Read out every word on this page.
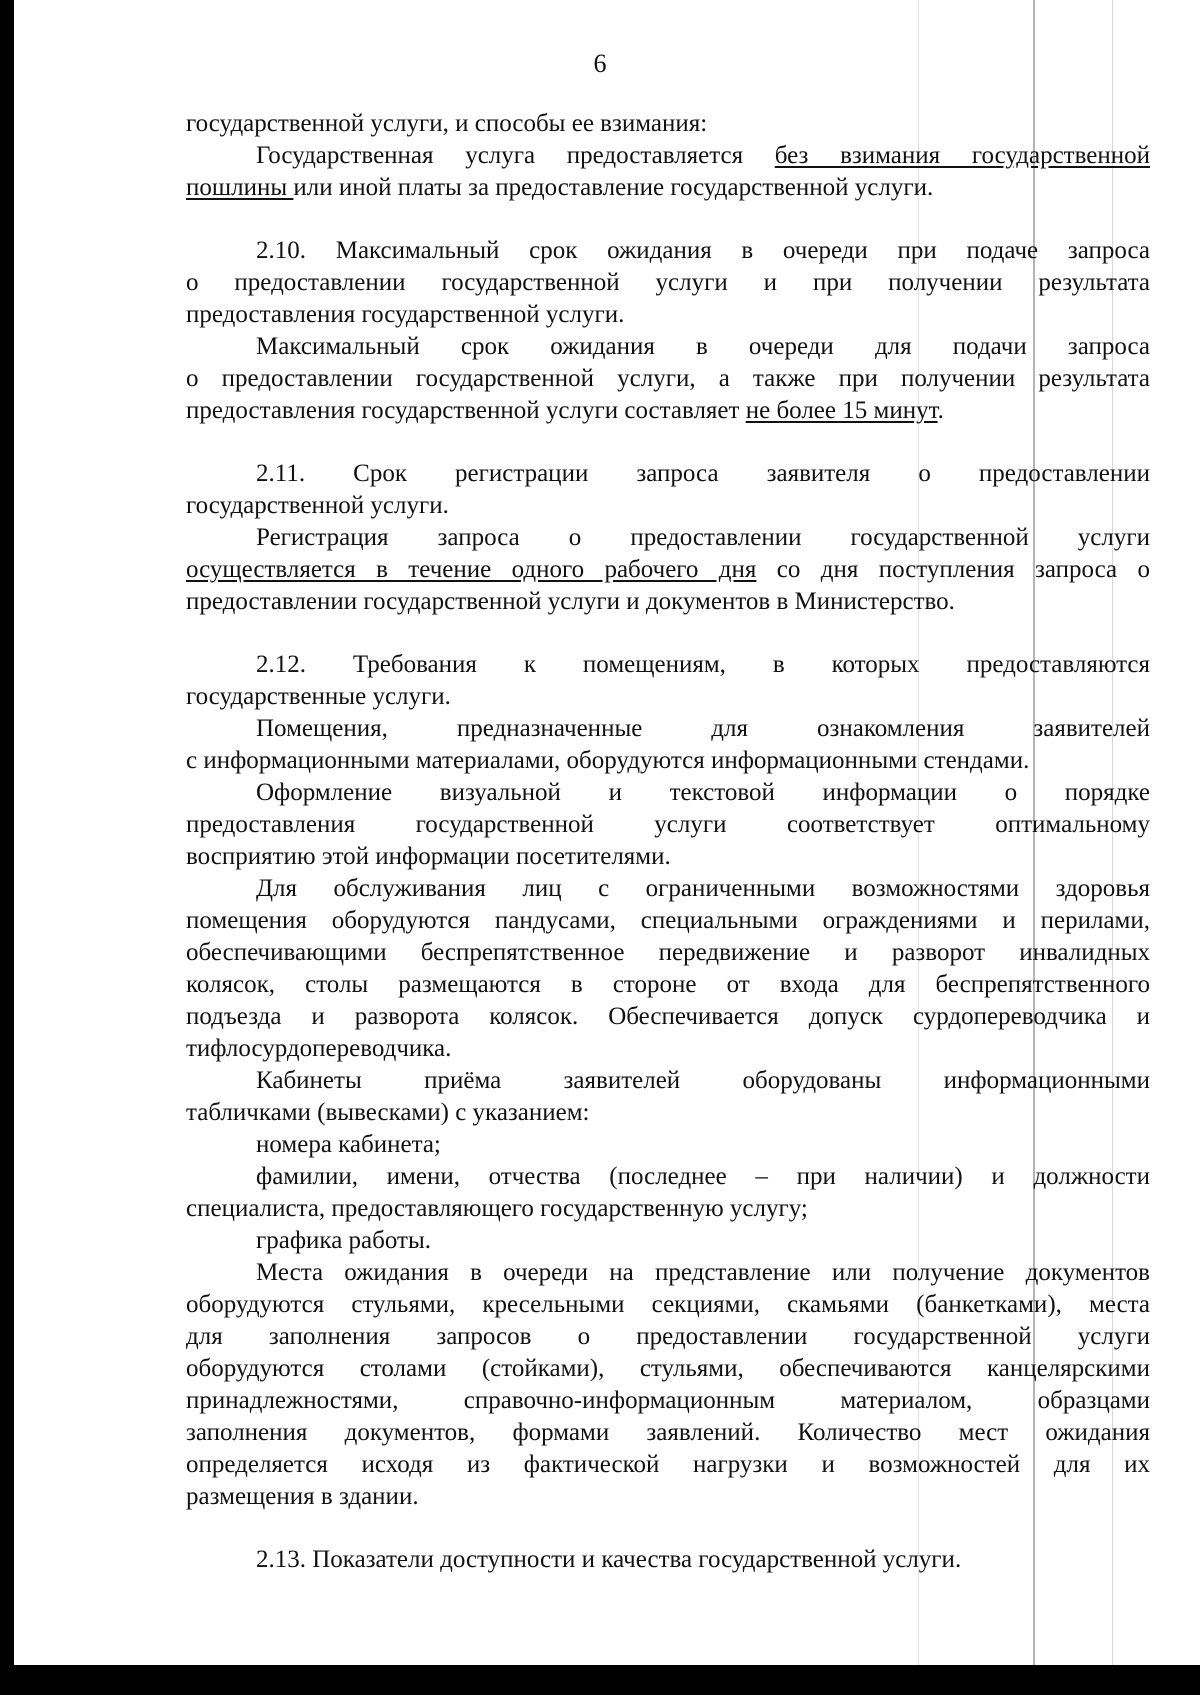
6

государственной услуги, и способы ее взимания:

Государственная услуга предоставляется без взимания государственной

пошлины или иной платы за предоставление государственной услуги.

2.10. Максимальный срок ожидания в очереди при подаче запроса

о предоставлении государственной услуги и при получении результата

предоставления государственной услуги.

Максимальный срок ожидания в очереди для подачи запроса

о предоставлении государственной услуги, а также при получении результата

предоставления государственной услуги составляет не более 15 минут.

2.11. Срок регистрации запроса заявителя о предоставлении

государственной услуги.

Регистрация запроса о предоставлении государственной услуги

осуществляется в течение одного рабочего дня со дня поступления запроса о

предоставлении государственной услуги и документов в Министерство.

2.12. Требования к помещениям, в которых предоставляются

государственные услуги.

Помещения, предназначенные для ознакомления заявителей

с информационными материалами, оборудуются информационными стендами.

Оформление визуальной и текстовой информации о порядке

предоставления государственной услуги соответствует оптимальному

восприятию этой информации посетителями.

Для обслуживания лиц с ограниченными возможностями здоровья

помещения оборудуются пандусами, специальными ограждениями и перилами,

обеспечивающими беспрепятственное передвижение и разворот инвалидных

колясок, столы размещаются в стороне от входа для беспрепятственного

подъезда и разворота колясок. Обеспечивается допуск сурдопереводчика и

тифлосурдопереводчика.

Кабинеты приёма заявителей оборудованы информационными

табличками (вывесками) с указанием:

номера кабинета;

фамилии, имени, отчества (последнее – при наличии) и должности

специалиста, предоставляющего государственную услугу;

графика работы.

Места ожидания в очереди на представление или получение документов

оборудуются стульями, кресельными секциями, скамьями (банкетками), места

для заполнения запросов о предоставлении государственной услуги

оборудуются столами (стойками), стульями, обеспечиваются канцелярскими

принадлежностями, справочно-информационным материалом, образцами

заполнения документов, формами заявлений. Количество мест ожидания

определяется исходя из фактической нагрузки и возможностей для их

размещения в здании.

2.13. Показатели доступности и качества государственной услуги.
